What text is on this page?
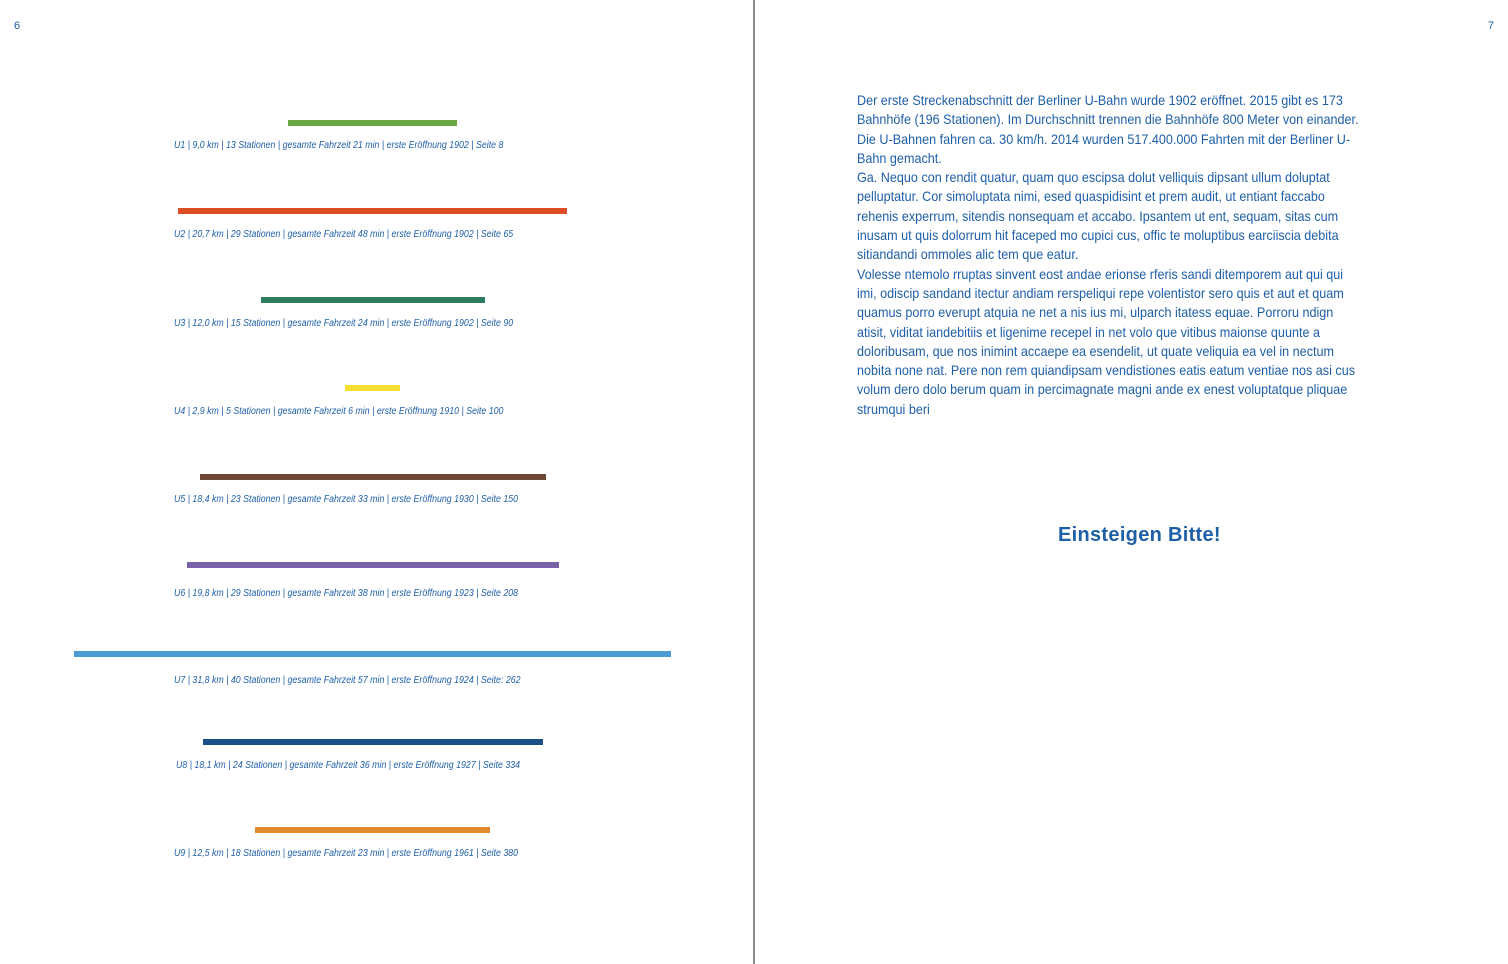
6
U1 | 9,0 km | 13 Stationen | gesamte Fahrzeit 21 min | erste Eröffnung 1902 | Seite 8
U2 | 20,7 km | 29 Stationen | gesamte Fahrzeit 48 min | erste Eröffnung 1902 | Seite 65
U3 | 12,0 km | 15 Stationen | gesamte Fahrzeit 24 min | erste Eröffnung 1902 | Seite 90
U4 | 2,9 km | 5 Stationen | gesamte Fahrzeit 6 min | erste Eröffnung 1910 | Seite 100
U5 | 18,4 km | 23 Stationen | gesamte Fahrzeit 33 min | erste Eröffnung 1930 | Seite 150
U6 | 19,8 km | 29 Stationen | gesamte Fahrzeit 38 min | erste Eröffnung 1923 | Seite 208
U7 | 31,8 km | 40 Stationen | gesamte Fahrzeit 57 min | erste Eröffnung 1924 | Seite: 262
U8 | 18,1 km | 24 Stationen | gesamte Fahrzeit 36 min | erste Eröffnung 1927 | Seite 334
U9 | 12,5 km | 18 Stationen | gesamte Fahrzeit 23 min | erste Eröffnung 1961 | Seite 380
7

Der erste Streckenabschnitt der Berliner U-Bahn wurde 1902 eröffnet. 2015 gibt es 173 Bahnhöfe (196 Stationen). Im Durchschnitt trennen die Bahnhöfe 800 Meter von einander. Die U-Bahnen fahren ca. 30 km/h. 2014 wurden 517.400.000 Fahrten mit der Berliner U-Bahn gemacht.

Ga. Nequo con rendit quatur, quam quo escipsa dolut velliquis dipsant ullum doluptat pelluptatur. Cor simoluptata nimi, esed quaspidisint et prem audit, ut entiant faccabo rehenis experrum, sitendis nonsequam et accabo. Ipsantem ut ent, sequam, sitas cum inusam ut quis dolorrum hit faceped mo cupici cus, offic te moluptibus earciiscia debita sitiandandi ommoles alic tem que eatur.

Volesse ntemolo rruptas sinvent eost andae erionse rferis sandi ditemporem aut qui qui imi, odiscip sandand itectur andiam rerspeliqui repe volentistor sero quis et aut et quam quamus porro everupt atquia ne net a nis ius mi, ulparch itatess equae. Porroru ndign atisit, viditat iandebitiis et ligenime recepel in net volo que vitibus maionse quunte a doloribusam, que nos inimint accaepe ea esendelit, ut quate veliquia ea vel in nectum nobita none nat. Pere non rem quiandipsam vendistiones eatis eatum ventiae nos asi cus volum dero dolo berum quam in percimagnate magni ande ex enest voluptatque pliquae strumqui beri

Einsteigen Bitte!
